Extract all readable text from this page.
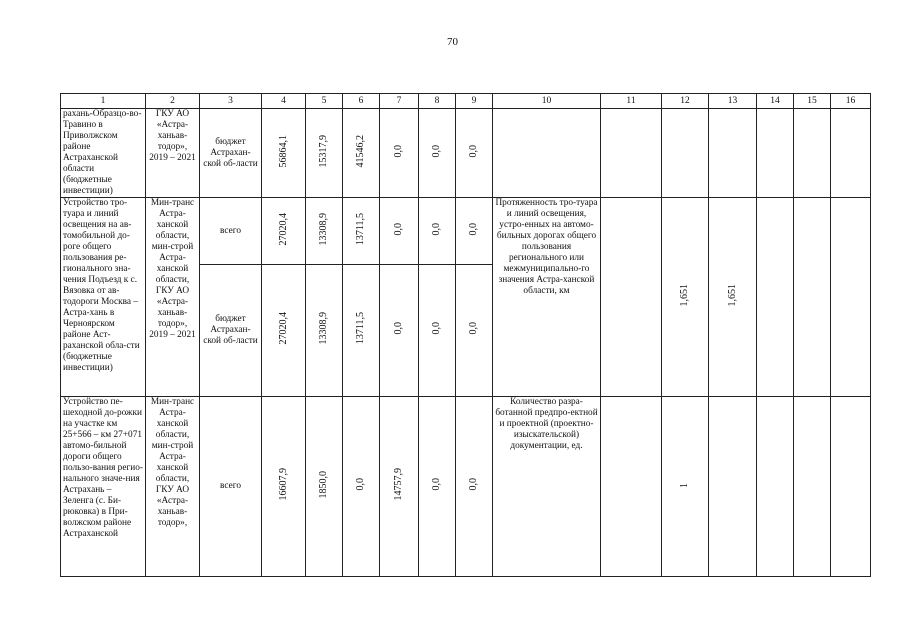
70
1	2	3	4	5	6	7	8	9	10	11	12	13	14	15	16
рахань-Образцо-во-Травино в Приволжском районе Астраханской области (бюджетные инвестиции)	ГКУ АО «Астра-ханьав-тодор», 2019 – 2021	бюджет Астрахан-ской об-ласти	56864,1	15317,9	41546,2	0,0	0,0	0,0							
Устройство тро-туара и линий освещения на ав-томобильной до-роге общего пользования ре-гионального зна-чения Подъезд к с. Вязовка от ав-тодороги Москва – Астра-хань в Черноярском районе Аст-раханской обла-сти (бюджетные инвестиции)	Мин-транс Астра-ханской области, мин-строй Астра-ханской области, ГКУ АО «Астра-ханьав-тодор», 2019 – 2021	всего	27020,4	13308,9	13711,5	0,0	0,0	0,0	Протяженность тро-туара и линий освещения, устро-енных на автомо-бильных дорогах общего пользования регионального или межмуниципально-го значения Астра-ханской области, км		1,651	1,651			
		бюджет Астрахан-ской об-ласти	27020,4	13308,9	13711,5	0,0	0,0	0,0							
Устройство пе-шеходной до-рожки на участке км 25+566 – км 27+071 автомо-бильной дороги общего пользо-вания регио-нального значе-ния Астрахань – Зеленга (с. Би-рюковка) в При-волжском районе Астраханской	Мин-транс Астра-ханской области, мин-строй Астра-ханской области, ГКУ АО «Астра-ханьав-тодор»,	всего	16607,9	1850,0	0,0	14757,9	0,0	0,0	Количество разра-ботанной предпро-ектной и проектной (проектно-изыскательской) документации, ед.		1				
